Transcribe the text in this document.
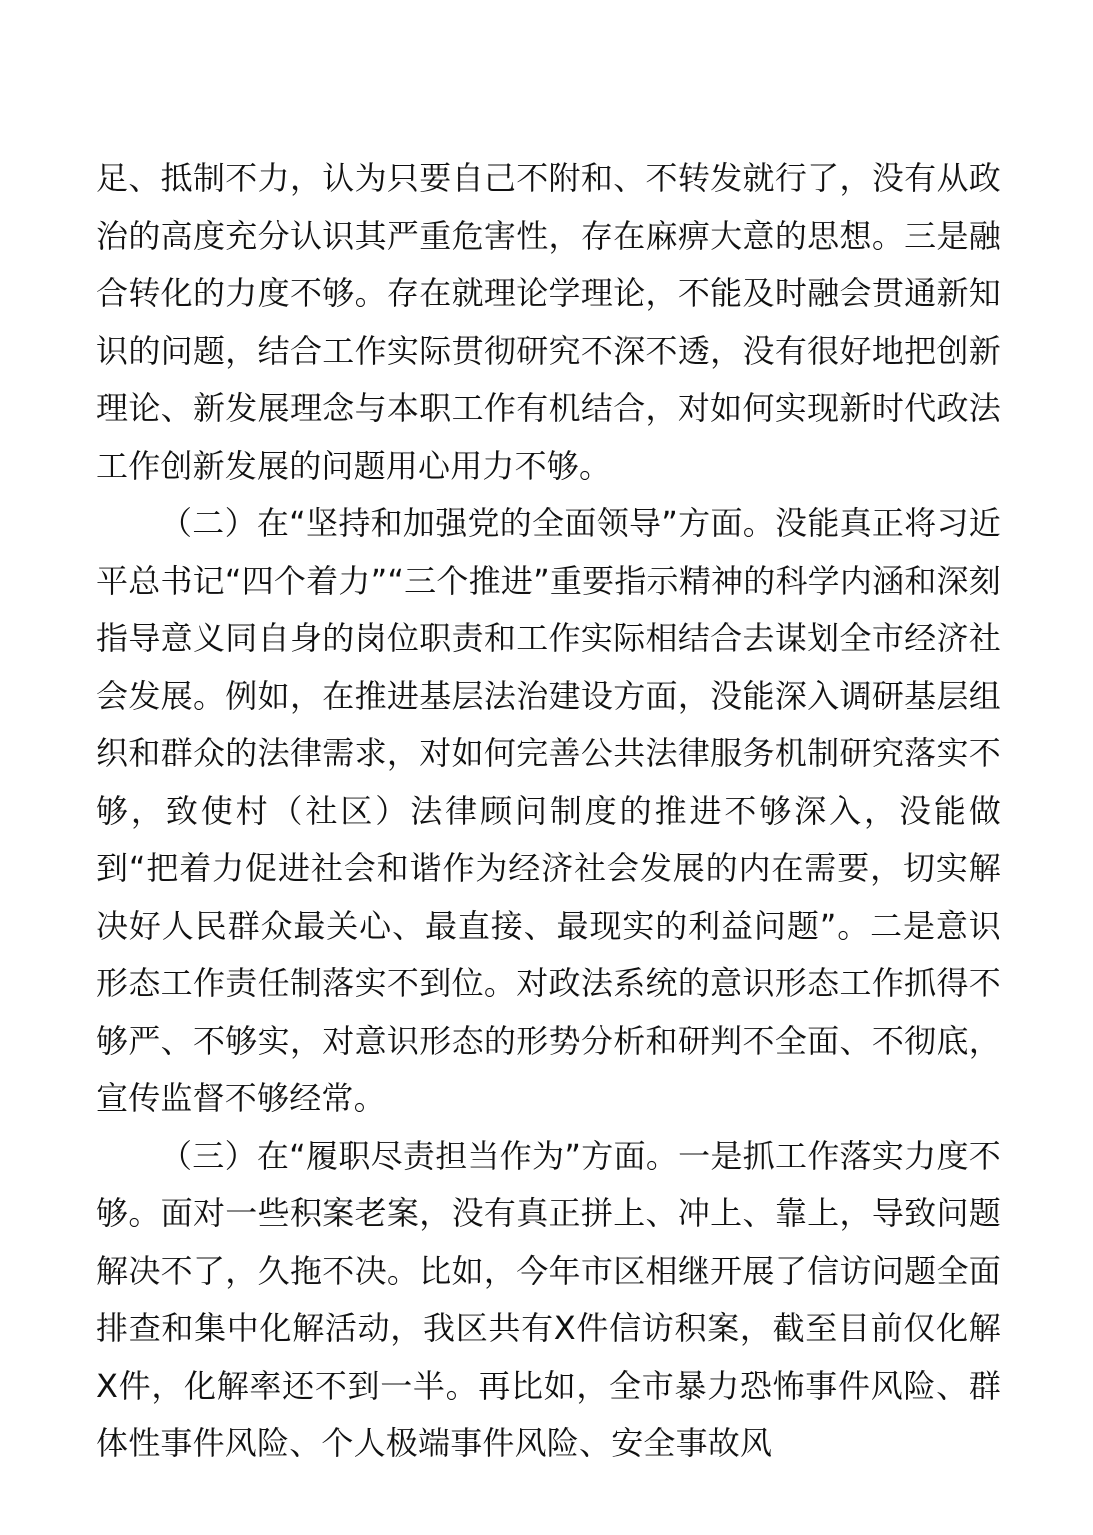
足、抵制不力，认为只要自己不附和、不转发就行了，没有从政治的高度充分认识其严重危害性，存在麻痹大意的思想。三是融合转化的力度不够。存在就理论学理论，不能及时融会贯通新知识的问题，结合工作实际贯彻研究不深不透，没有很好地把创新理论、新发展理念与本职工作有机结合，对如何实现新时代政法工作创新发展的问题用心用力不够。

（二）在“坚持和加强党的全面领导”方面。没能真正将习近平总书记“四个着力”“三个推进”重要指示精神的科学内涵和深刻指导意义同自身的岗位职责和工作实际相结合去谋划全市经济社会发展。例如，在推进基层法治建设方面，没能深入调研基层组织和群众的法律需求，对如何完善公共法律服务机制研究落实不够，致使村（社区）法律顾问制度的推进不够深入，没能做到“把着力促进社会和谐作为经济社会发展的内在需要，切实解决好人民群众最关心、最直接、最现实的利益问题”。二是意识形态工作责任制落实不到位。对政法系统的意识形态工作抓得不够严、不够实，对意识形态的形势分析和研判不全面、不彻底，宣传监督不够经常。

（三）在“履职尽责担当作为”方面。一是抓工作落实力度不够。面对一些积案老案，没有真正拼上、冲上、靠上，导致问题解决不了，久拖不决。比如，今年市区相继开展了信访问题全面排查和集中化解活动，我区共有X件信访积案，截至目前仅化解X件，化解率还不到一半。再比如，全市暴力恐怖事件风险、群体性事件风险、个人极端事件风险、安全事故风
